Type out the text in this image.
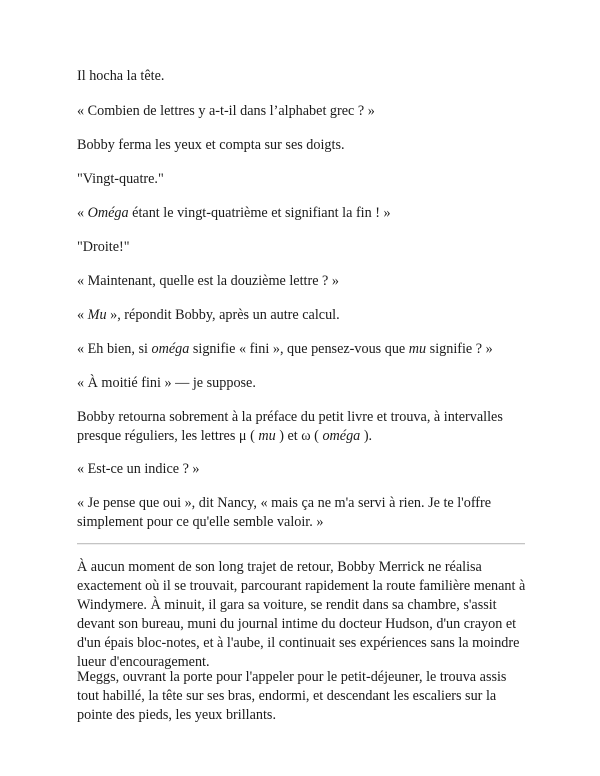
Il hocha la tête.

« Combien de lettres y a-t-il dans l’alphabet grec ? »

Bobby ferma les yeux et compta sur ses doigts.

"Vingt-quatre."

« Oméga étant le vingt-quatrième et signifiant la fin ! »

"Droite!"

« Maintenant, quelle est la douzième lettre ? »

« Mu », répondit Bobby, après un autre calcul.

« Eh bien, si oméga signifie « fini », que pensez-vous que mu signifie ? »

« À moitié fini » — je suppose.

Bobby retourna sobrement à la préface du petit livre et trouva, à intervalles presque réguliers, les lettres μ ( mu ) et ω ( oméga ).

« Est-ce un indice ? »

« Je pense que oui », dit Nancy, « mais ça ne m'a servi à rien. Je te l'offre simplement pour ce qu'elle semble valoir. »

À aucun moment de son long trajet de retour, Bobby Merrick ne réalisa exactement où il se trouvait, parcourant rapidement la route familière menant à Windymere. À minuit, il gara sa voiture, se rendit dans sa chambre, s'assit devant son bureau, muni du journal intime du docteur Hudson, d'un crayon et d'un épais bloc-notes, et à l'aube, il continuait ses expériences sans la moindre lueur d'encouragement.

Meggs, ouvrant la porte pour l'appeler pour le petit-déjeuner, le trouva assis tout habillé, la tête sur ses bras, endormi, et descendant les escaliers sur la pointe des pieds, les yeux brillants.
